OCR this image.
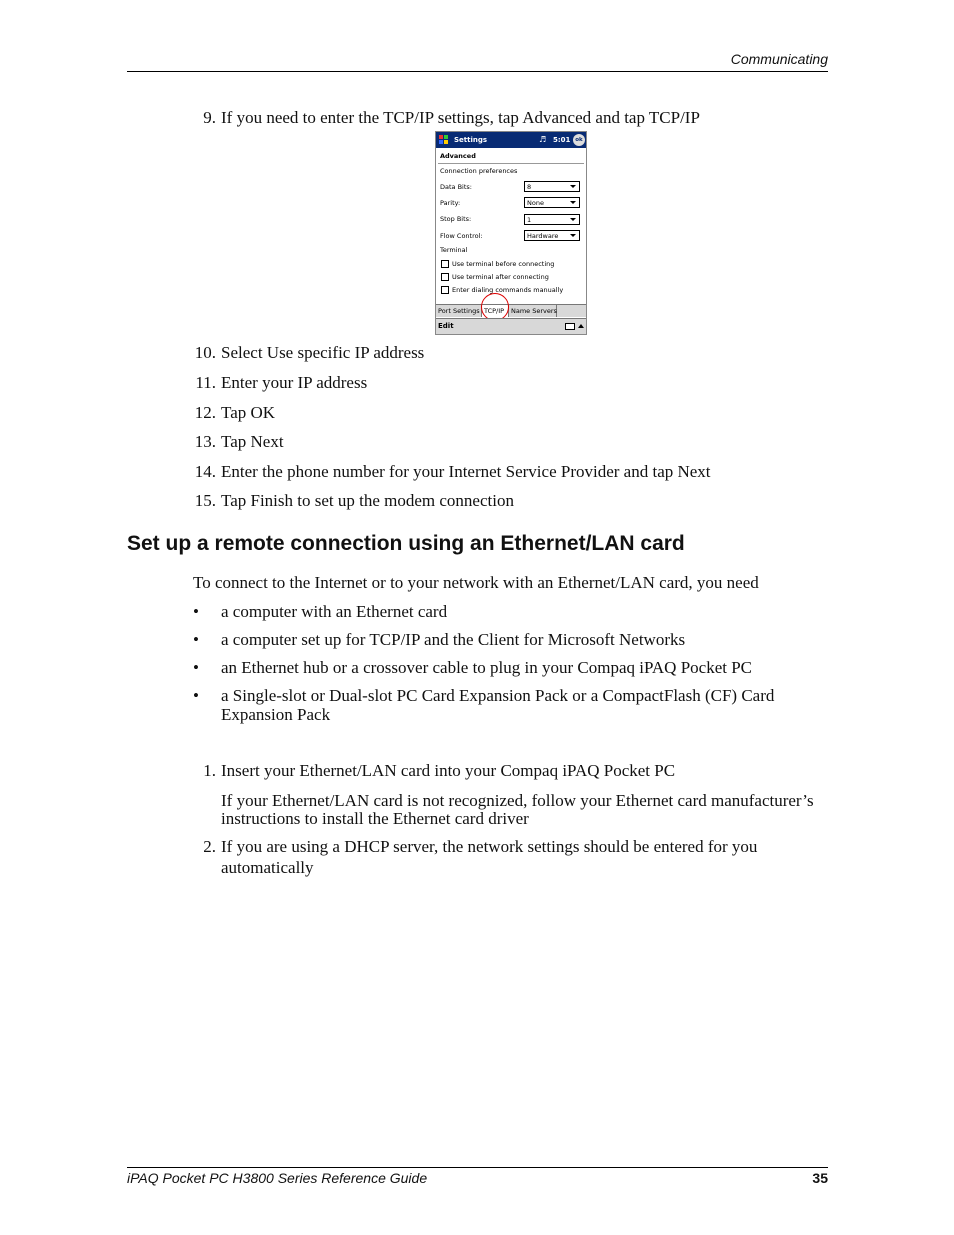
Communicating
9. If you need to enter the TCP/IP settings, tap Advanced and tap TCP/IP
Settings	♬ 5:01 ok
Advanced
Connection preferences
Data Bits:	8
Parity:	None
Stop Bits:	1
Flow Control:	Hardware
Terminal
Use terminal before connecting
Use terminal after connecting
Enter dialing commands manually
Port Settings TCP/IP	Name Servers
Edit
10. Select Use specific IP address
11. Enter your IP address
12. Tap OK
13. Tap Next
14. Enter the phone number for your Internet Service Provider and tap Next
15. Tap Finish to set up the modem connection
Set up a remote connection using an Ethernet/LAN card
To connect to the Internet or to your network with an Ethernet/LAN card, you need
• a computer with an Ethernet card
• a computer set up for TCP/IP and the Client for Microsoft Networks
• an Ethernet hub or a crossover cable to plug in your Compaq iPAQ Pocket PC
• a Single-slot or Dual-slot PC Card Expansion Pack or a CompactFlash (CF) Card
Expansion Pack
1. Insert your Ethernet/LAN card into your Compaq iPAQ Pocket PC
If your Ethernet/LAN card is not recognized, follow your Ethernet card manufacturer’s
instructions to install the Ethernet card driver
2. If you are using a DHCP server, the network settings should be entered for you
automatically
iPAQ Pocket PC H3800 Series Reference Guide	35
